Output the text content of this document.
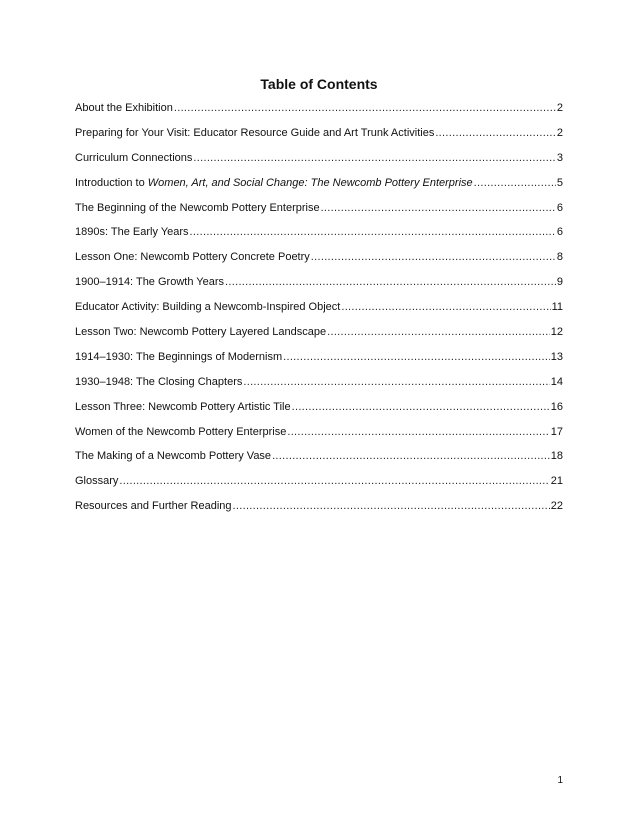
Table of Contents
About the Exhibition .....	2
Preparing for Your Visit: Educator Resource Guide and Art Trunk Activities .....	2
Curriculum Connections .....	3
Introduction to Women, Art, and Social Change: The Newcomb Pottery Enterprise .....	5
The Beginning of the Newcomb Pottery Enterprise .....	6
1890s: The Early Years .....	6
Lesson One: Newcomb Pottery Concrete Poetry .....	8
1900–1914: The Growth Years .....	9
Educator Activity: Building a Newcomb-Inspired Object .....	11
Lesson Two: Newcomb Pottery Layered Landscape .....	12
1914–1930: The Beginnings of Modernism .....	13
1930–1948: The Closing Chapters .....	14
Lesson Three: Newcomb Pottery Artistic Tile .....	16
Women of the Newcomb Pottery Enterprise .....	17
The Making of a Newcomb Pottery Vase .....	18
Glossary .....	21
Resources and Further Reading .....	22
1
